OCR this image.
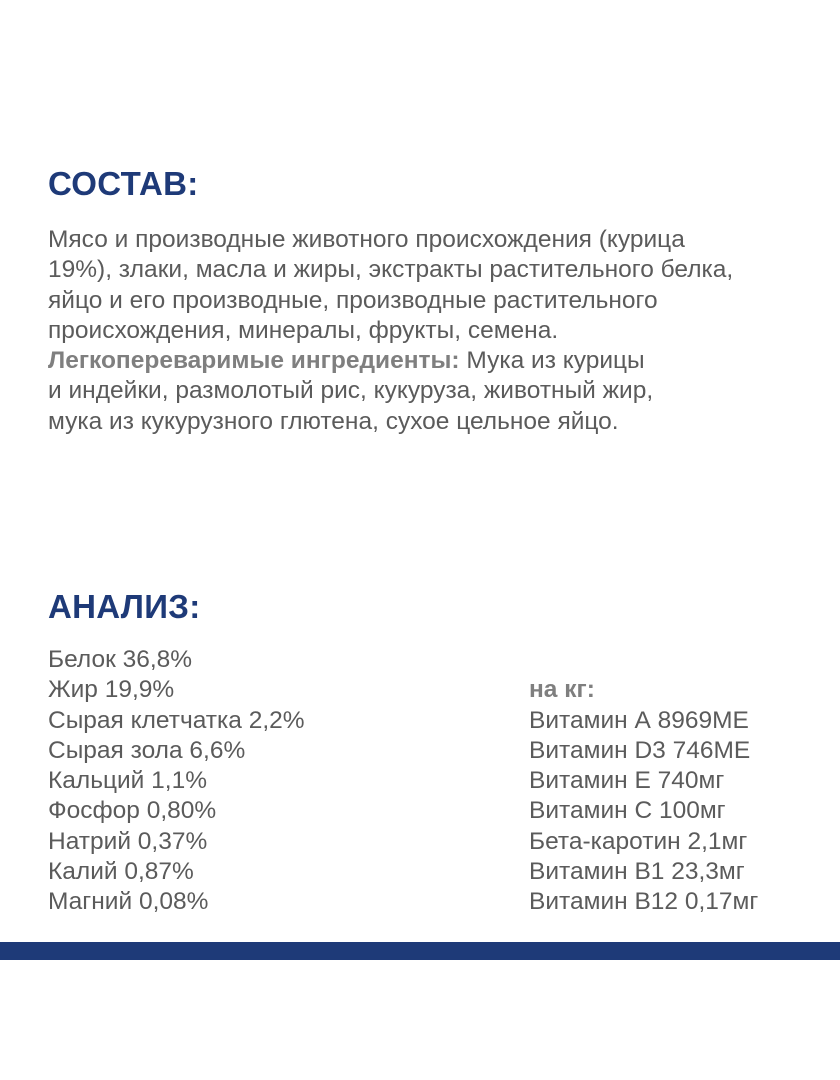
СОСТАВ:

Мясо и производные животного происхождения (курица
19%), злаки, масла и жиры, экстракты растительного белка,
яйцо и его производные, производные растительного
происхождения, минералы, фрукты, семена.
Легкопереваримые ингредиенты: Мука из курицы
и индейки, размолотый рис, кукуруза, животный жир,
мука из кукурузного глютена, сухое цельное яйцо.

АНАЛИЗ:
Белок 36,8%
Жир 19,9%
Сырая клетчатка 2,2%
Сырая зола 6,6%
Кальций 1,1%
Фосфор 0,80%
Натрий 0,37%
Калий 0,87%
Магний 0,08%

на кг:
Витамин А 8969МЕ
Витамин D3 746МЕ
Витамин Е 740мг
Витамин С 100мг
Бета-каротин 2,1мг
Витамин В1 23,3мг
Витамин В12 0,17мг
